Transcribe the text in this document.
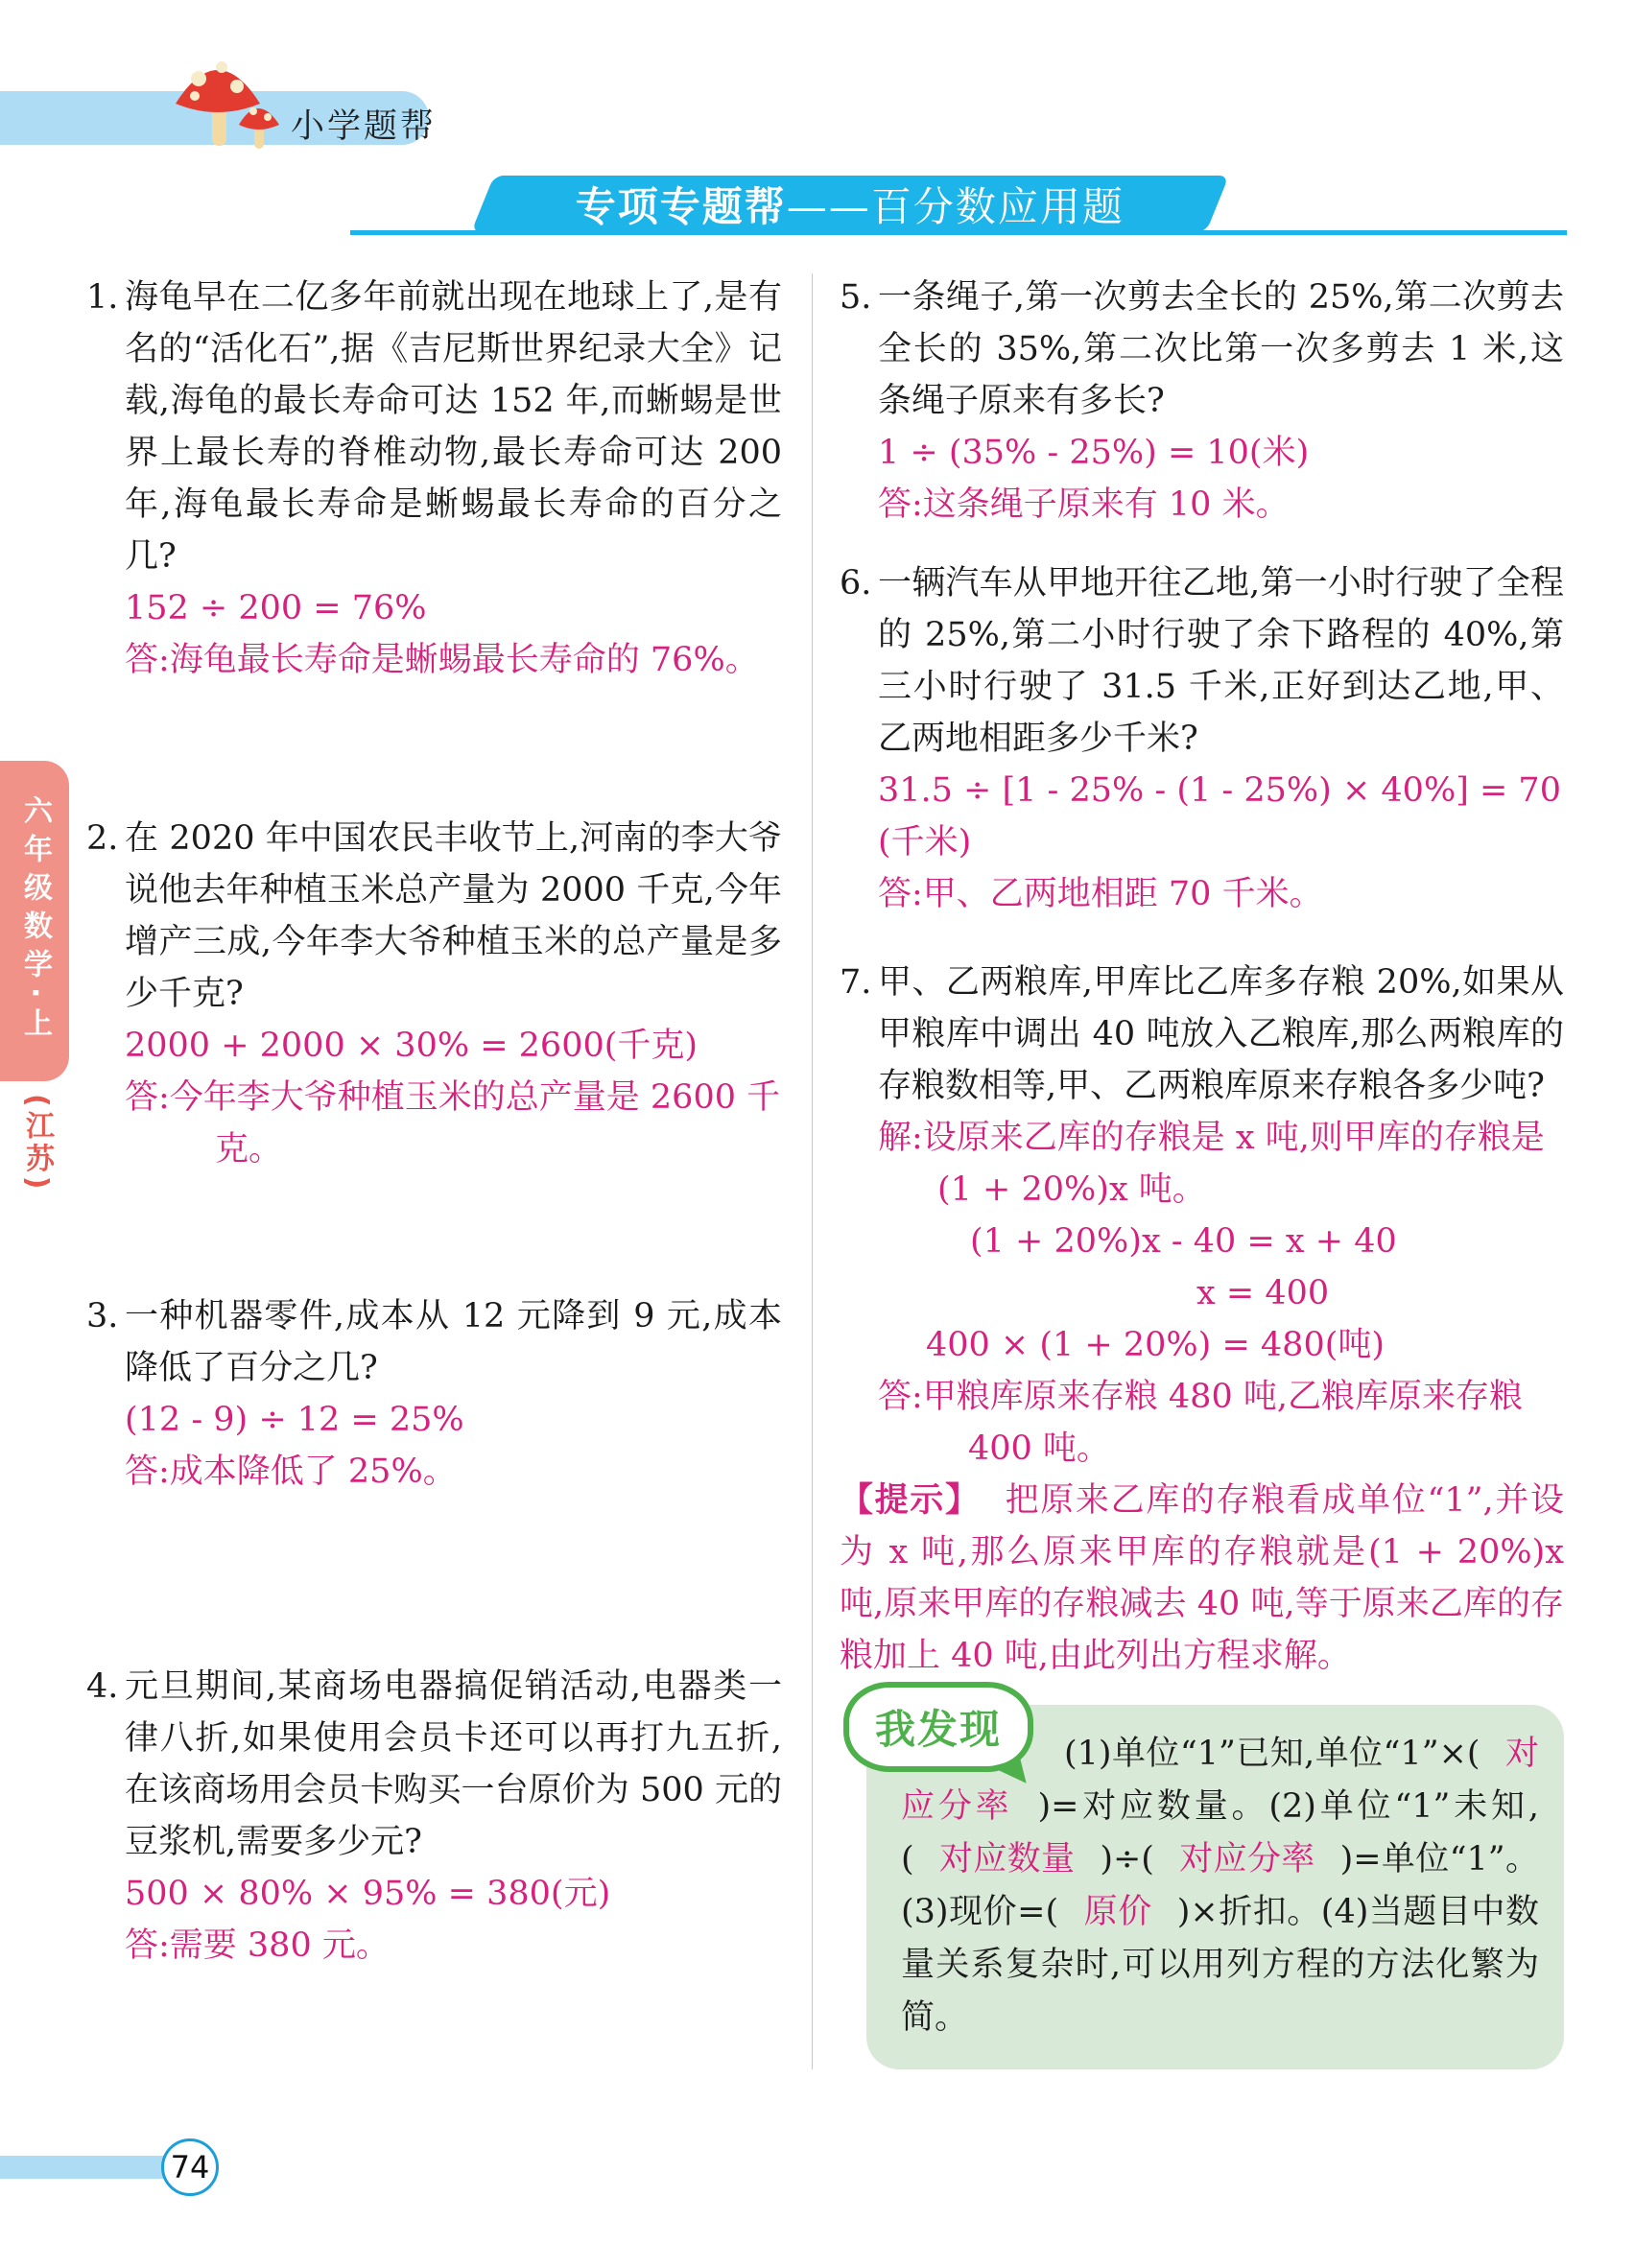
小学题帮
专项专题帮——百分数应用题
六年级数学·上
(江苏)
1. 海龟早在二亿多年前就出现在地球上了,是有名的“活化石”,据《吉尼斯世界纪录大全》记载,海龟的最长寿命可达 152 年,而蜥蜴是世界上最长寿的脊椎动物,最长寿命可达 200 年,海龟最长寿命是蜥蜴最长寿命的百分之几?
152 ÷ 200 = 76%
答:海龟最长寿命是蜥蜴最长寿命的 76%。
2. 在 2020 年中国农民丰收节上,河南的李大爷说他去年种植玉米总产量为 2000 千克,今年增产三成,今年李大爷种植玉米的总产量是多少千克?
2000 + 2000 × 30% = 2600(千克)
答:今年李大爷种植玉米的总产量是 2600 千克。
3. 一种机器零件,成本从 12 元降到 9 元,成本降低了百分之几?
(12 - 9) ÷ 12 = 25%
答:成本降低了 25%。
4. 元旦期间,某商场电器搞促销活动,电器类一律八折,如果使用会员卡还可以再打九五折,在该商场用会员卡购买一台原价为 500 元的豆浆机,需要多少元?
500 × 80% × 95% = 380(元)
答:需要 380 元。
5. 一条绳子,第一次剪去全长的 25%,第二次剪去全长的 35%,第二次比第一次多剪去 1 米,这条绳子原来有多长?
1 ÷ (35% - 25%) = 10(米)
答:这条绳子原来有 10 米。
6. 一辆汽车从甲地开往乙地,第一小时行驶了全程的 25%,第二小时行驶了余下路程的 40%,第三小时行驶了 31.5 千米,正好到达乙地,甲、乙两地相距多少千米?
31.5 ÷ [1 - 25% - (1 - 25%) × 40%] = 70
(千米)
答:甲、乙两地相距 70 千米。
7. 甲、乙两粮库,甲库比乙库多存粮 20%,如果从甲粮库中调出 40 吨放入乙粮库,那么两粮库的存粮数相等,甲、乙两粮库原来存粮各多少吨?
解:设原来乙库的存粮是 x 吨,则甲库的存粮是(1 + 20%)x 吨。
(1 + 20%)x - 40 = x + 40
x = 400
400 × (1 + 20%) = 480(吨)
答:甲粮库原来存粮 480 吨,乙粮库原来存粮 400 吨。

【提示】 把原来乙库的存粮看成单位“1”,并设为 x 吨,那么原来甲库的存粮就是(1 + 20%)x 吨,原来甲库的存粮减去 40 吨,等于原来乙库的存粮加上 40 吨,由此列出方程求解。

我发现

(1)单位“1”已知,单位“1”×( 对应分率 )=对应数量。(2)单位“1”未知,( 对应数量 )÷( 对应分率 )=单位“1”。(3)现价=( 原价 )×折扣。(4)当题目中数量关系复杂时,可以用列方程的方法化繁为简。

74
